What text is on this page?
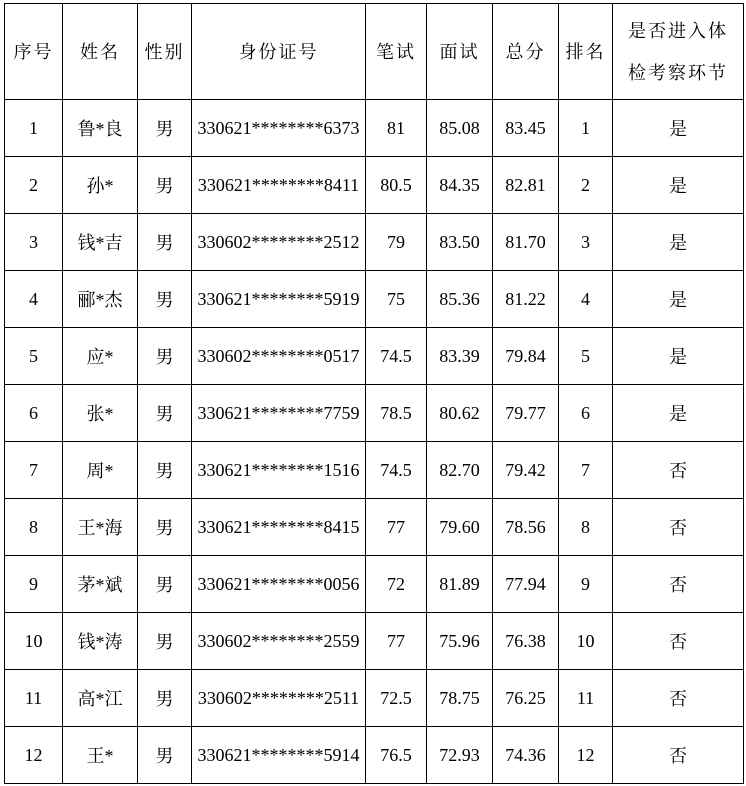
序号	姓名	性别	身份证号	笔试	面试	总分	排名	是否进入体检考察环节
1	鲁*良	男	330621********6373	81	85.08	83.45	1	是
2	孙*	男	330621********8411	80.5	84.35	82.81	2	是
3	钱*吉	男	330602********2512	79	83.50	81.70	3	是
4	郦*杰	男	330621********5919	75	85.36	81.22	4	是
5	应*	男	330602********0517	74.5	83.39	79.84	5	是
6	张*	男	330621********7759	78.5	80.62	79.77	6	是
7	周*	男	330621********1516	74.5	82.70	79.42	7	否
8	王*海	男	330621********8415	77	79.60	78.56	8	否
9	茅*斌	男	330621********0056	72	81.89	77.94	9	否
10	钱*涛	男	330602********2559	77	75.96	76.38	10	否
11	高*江	男	330602********2511	72.5	78.75	76.25	11	否
12	王*	男	330621********5914	76.5	72.93	74.36	12	否
